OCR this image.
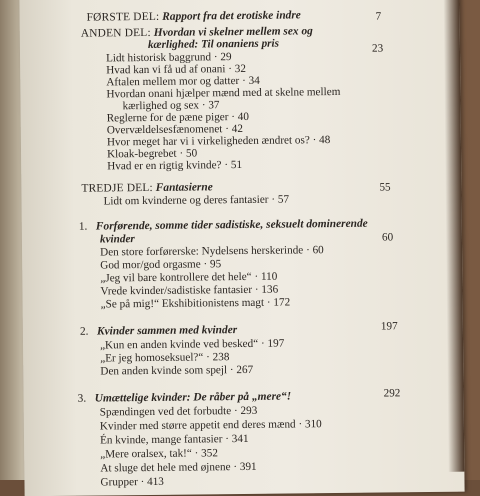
FØRSTE DEL: Rapport fra det erotiske indre	7
ANDEN DEL: Hvordan vi skelner mellem sex og
kærlighed: Til onaniens pris	23
Lidt historisk baggrund · 29
Hvad kan vi få ud af onani · 32
Aftalen mellem mor og datter · 34
Hvordan onani hjælper mænd med at skelne mellem
kærlighed og sex · 37
Reglerne for de pæne piger · 40
Overvældelsesfænomenet · 42
Hvor meget har vi i virkeligheden ændret os? · 48
Kloak-begrebet · 50
Hvad er en rigtig kvinde? · 51
TREDJE DEL: Fantasierne	55
Lidt om kvinderne og deres fantasier · 57
1. Forførende, somme tider sadistiske, seksuelt dominerende
kvinder	60
Den store forførerske: Nydelsens herskerinde · 60
God mor/god orgasme · 95
„Jeg vil bare kontrollere det hele“ · 110
Vrede kvinder/sadistiske fantasier · 136
„Se på mig!“ Ekshibitionistens magt · 172
2. Kvinder sammen med kvinder	197
„Kun en anden kvinde ved besked“ · 197
„Er jeg homoseksuel?“ · 238
Den anden kvinde som spejl · 267
3. Umættelige kvinder: De råber på „mere“!	292
Spændingen ved det forbudte · 293
Kvinder med større appetit end deres mænd · 310
Én kvinde, mange fantasier · 341
„Mere oralsex, tak!“ · 352
At sluge det hele med øjnene · 391
Grupper · 413
